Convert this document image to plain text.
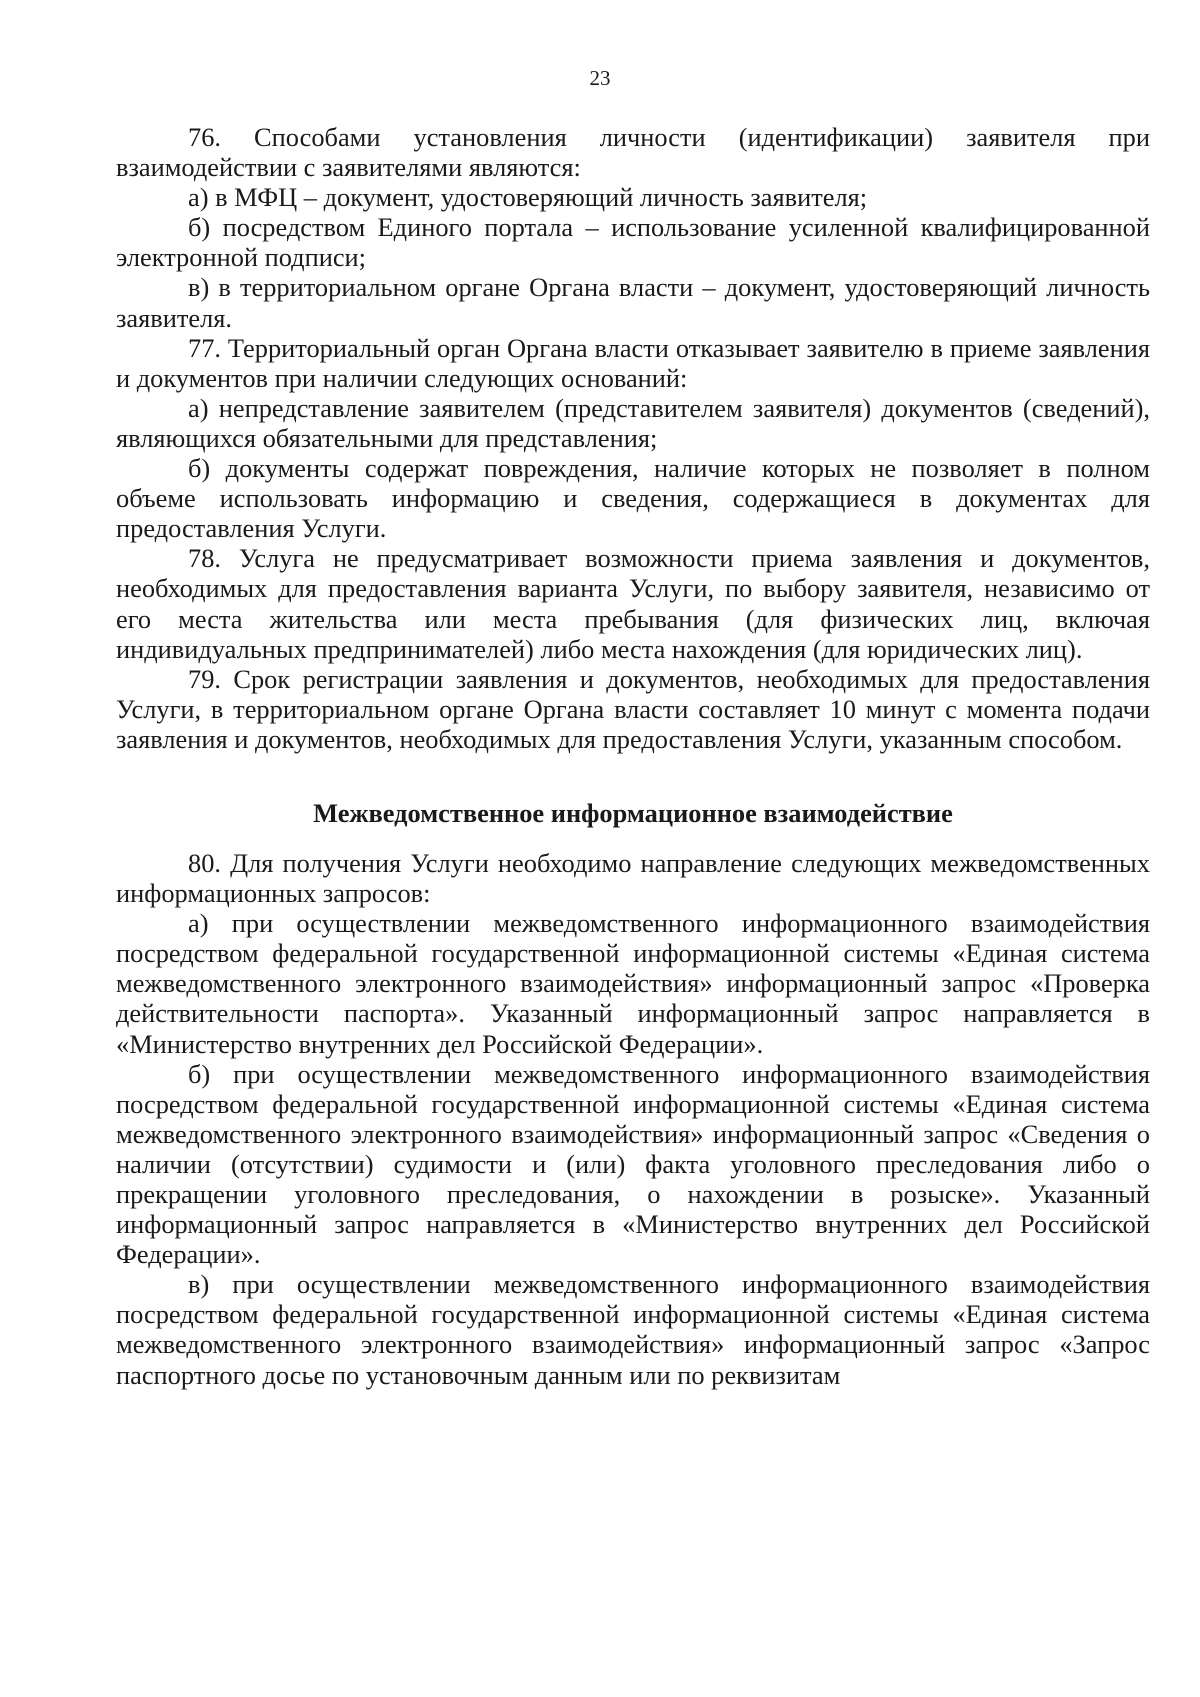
23

76. Способами установления личности (идентификации) заявителя при взаимодействии с заявителями являются:

а) в МФЦ – документ, удостоверяющий личность заявителя;

б) посредством Единого портала – использование усиленной квалифицированной электронной подписи;

в) в территориальном органе Органа власти – документ, удостоверяющий личность заявителя.

77. Территориальный орган Органа власти отказывает заявителю в приеме заявления и документов при наличии следующих оснований:

а) непредставление заявителем (представителем заявителя) документов (сведений), являющихся обязательными для представления;

б) документы содержат повреждения, наличие которых не позволяет в полном объеме использовать информацию и сведения, содержащиеся в документах для предоставления Услуги.

78. Услуга не предусматривает возможности приема заявления и документов, необходимых для предоставления варианта Услуги, по выбору заявителя, независимо от его места жительства или места пребывания (для физических лиц, включая индивидуальных предпринимателей) либо места нахождения (для юридических лиц).

79. Срок регистрации заявления и документов, необходимых для предоставления Услуги, в территориальном органе Органа власти составляет 10 минут с момента подачи заявления и документов, необходимых для предоставления Услуги, указанным способом.

Межведомственное информационное взаимодействие

80. Для получения Услуги необходимо направление следующих межведомственных информационных запросов:

а) при осуществлении межведомственного информационного взаимодействия посредством федеральной государственной информационной системы «Единая система межведомственного электронного взаимодействия» информационный запрос «Проверка действительности паспорта». Указанный информационный запрос направляется в «Министерство внутренних дел Российской Федерации».

б) при осуществлении межведомственного информационного взаимодействия посредством федеральной государственной информационной системы «Единая система межведомственного электронного взаимодействия» информационный запрос «Сведения о наличии (отсутствии) судимости и (или) факта уголовного преследования либо о прекращении уголовного преследования, о нахождении в розыске». Указанный информационный запрос направляется в «Министерство внутренних дел Российской Федерации».

в) при осуществлении межведомственного информационного взаимодействия посредством федеральной государственной информационной системы «Единая система межведомственного электронного взаимодействия» информационный запрос «Запрос паспортного досье по установочным данным или по реквизитам
